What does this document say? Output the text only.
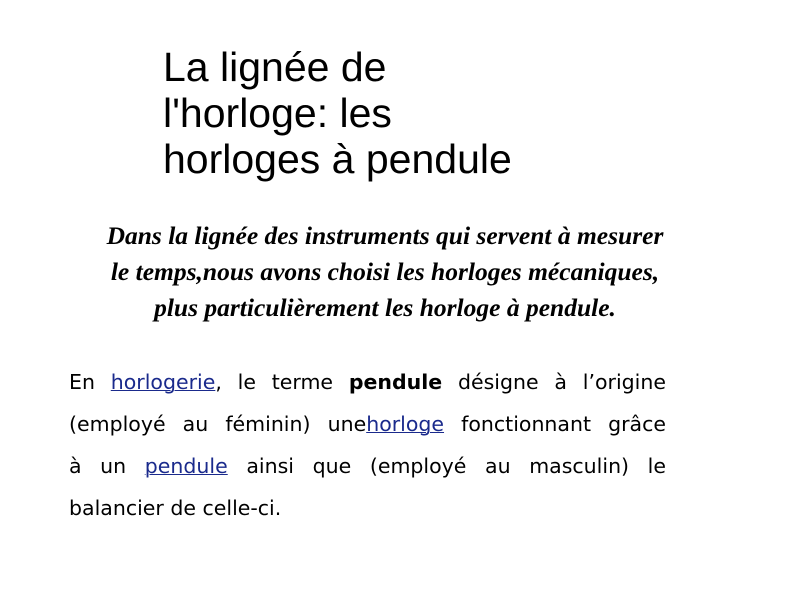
La lignée de
l'horloge: les
horloges à pendule

Dans la lignée des instruments qui servent à mesurer
le temps,nous avons choisi les horloges mécaniques,
plus particulièrement les horloge à pendule.

En horlogerie, le terme pendule désigne à l’origine
(employé au féminin) unehorloge fonctionnant grâce
à un pendule ainsi que (employé au masculin) le
balancier de celle-ci.
